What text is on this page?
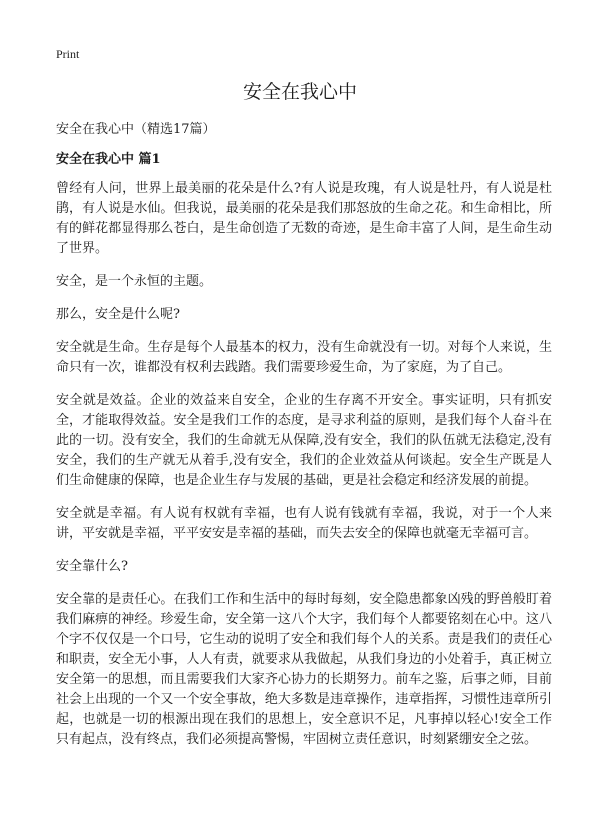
Print
安全在我心中

安全在我心中（精选17篇）

安全在我心中 篇1

曾经有人问，世界上最美丽的花朵是什么?有人说是玫瑰，有人说是牡丹，有人说是杜鹃，有人说是水仙。但我说，最美丽的花朵是我们那怒放的生命之花。和生命相比，所有的鲜花都显得那么苍白，是生命创造了无数的奇迹，是生命丰富了人间，是生命生动了世界。

安全，是一个永恒的主题。

那么，安全是什么呢?

安全就是生命。生存是每个人最基本的权力，没有生命就没有一切。对每个人来说，生命只有一次，谁都没有权利去践踏。我们需要珍爱生命，为了家庭，为了自己。

安全就是效益。企业的效益来自安全，企业的生存离不开安全。事实证明，只有抓安全，才能取得效益。安全是我们工作的态度，是寻求利益的原则，是我们每个人奋斗在此的一切。没有安全，我们的生命就无从保障,没有安全，我们的队伍就无法稳定,没有安全，我们的生产就无从着手,没有安全，我们的企业效益从何谈起。安全生产既是人们生命健康的保障，也是企业生存与发展的基础，更是社会稳定和经济发展的前提。

安全就是幸福。有人说有权就有幸福，也有人说有钱就有幸福，我说，对于一个人来讲，平安就是幸福，平平安安是幸福的基础，而失去安全的保障也就毫无幸福可言。

安全靠什么?

安全靠的是责任心。在我们工作和生活中的每时每刻，安全隐患都象凶残的野兽般盯着我们麻痹的神经。珍爱生命，安全第一这八个大字，我们每个人都要铭刻在心中。这八个字不仅仅是一个口号，它生动的说明了安全和我们每个人的关系。责是我们的责任心和职责，安全无小事，人人有责，就要求从我做起，从我们身边的小处着手，真正树立安全第一的思想，而且需要我们大家齐心协力的长期努力。前车之鉴，后事之师，目前社会上出现的一个又一个安全事故，绝大多数是违章操作，违章指挥，习惯性违章所引起，也就是一切的根源出现在我们的思想上，安全意识不足，凡事掉以轻心!安全工作只有起点，没有终点，我们必须提高警惕，牢固树立责任意识，时刻紧绷安全之弦。
